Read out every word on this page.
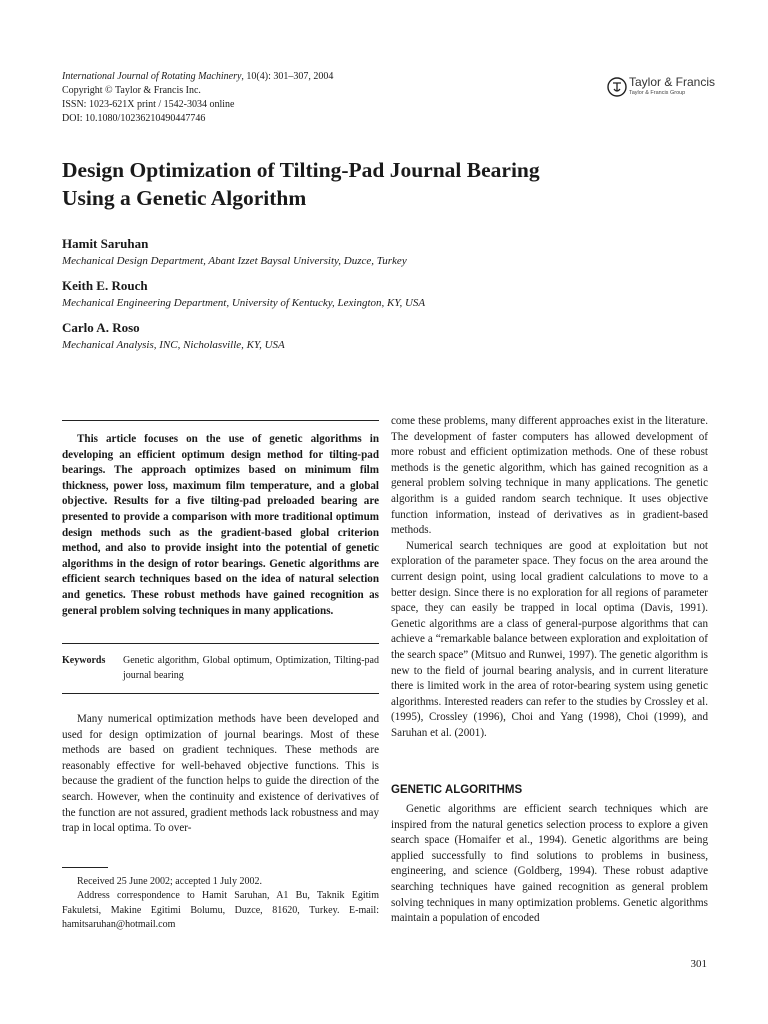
International Journal of Rotating Machinery, 10(4): 301–307, 2004
Copyright © Taylor & Francis Inc.
ISSN: 1023-621X print / 1542-3034 online
DOI: 10.1080/10236210490447746
Taylor & Francis
Taylor & Francis Group
Design Optimization of Tilting-Pad Journal Bearing
Using a Genetic Algorithm
Hamit Saruhan
Mechanical Design Department, Abant Izzet Baysal University, Duzce, Turkey
Keith E. Rouch
Mechanical Engineering Department, University of Kentucky, Lexington, KY, USA
Carlo A. Roso
Mechanical Analysis, INC, Nicholasville, KY, USA

This article focuses on the use of genetic algorithms in developing an efficient optimum design method for tilting-pad bearings. The approach optimizes based on minimum film thickness, power loss, maximum film temperature, and a global objective. Results for a five tilting-pad preloaded bearing are presented to provide a comparison with more traditional optimum design methods such as the gradient-based global criterion method, and also to provide insight into the potential of genetic algorithms in the design of rotor bearings. Genetic algorithms are efficient search techniques based on the idea of natural selection and genetics. These robust methods have gained recognition as general problem solving techniques in many applications.

Keywords Genetic algorithm, Global optimum, Optimization, Tilting-pad journal bearing

Many numerical optimization methods have been developed and used for design optimization of journal bearings. Most of these methods are based on gradient techniques. These methods are reasonably effective for well-behaved objective functions. This is because the gradient of the function helps to guide the direction of the search. However, when the continuity and existence of derivatives of the function are not assured, gradient methods lack robustness and may trap in local optima. To over-

Received 25 June 2002; accepted 1 July 2002.

Address correspondence to Hamit Saruhan, A1 Bu, Taknik Egitim Fakuletsi, Makine Egitimi Bolumu, Duzce, 81620, Turkey. E-mail: hamitsaruhan@hotmail.com

come these problems, many different approaches exist in the literature. The development of faster computers has allowed development of more robust and efficient optimization methods. One of these robust methods is the genetic algorithm, which has gained recognition as a general problem solving technique in many applications. The genetic algorithm is a guided random search technique. It uses objective function information, instead of derivatives as in gradient-based methods.

Numerical search techniques are good at exploitation but not exploration of the parameter space. They focus on the area around the current design point, using local gradient calculations to move to a better design. Since there is no exploration for all regions of parameter space, they can easily be trapped in local optima (Davis, 1991). Genetic algorithms are a class of general-purpose algorithms that can achieve a “remarkable balance between exploration and exploitation of the search space” (Mitsuo and Runwei, 1997). The genetic algorithm is new to the field of journal bearing analysis, and in current literature there is limited work in the area of rotor-bearing system using genetic algorithms. Interested readers can refer to the studies by Crossley et al. (1995), Crossley (1996), Choi and Yang (1998), Choi (1999), and Saruhan et al. (2001).

GENETIC ALGORITHMS

Genetic algorithms are efficient search techniques which are inspired from the natural genetics selection process to explore a given search space (Homaifer et al., 1994). Genetic algorithms are being applied successfully to find solutions to problems in business, engineering, and science (Goldberg, 1994). These robust adaptive searching techniques have gained recognition as general problem solving techniques in many optimization problems. Genetic algorithms maintain a population of encoded

301
